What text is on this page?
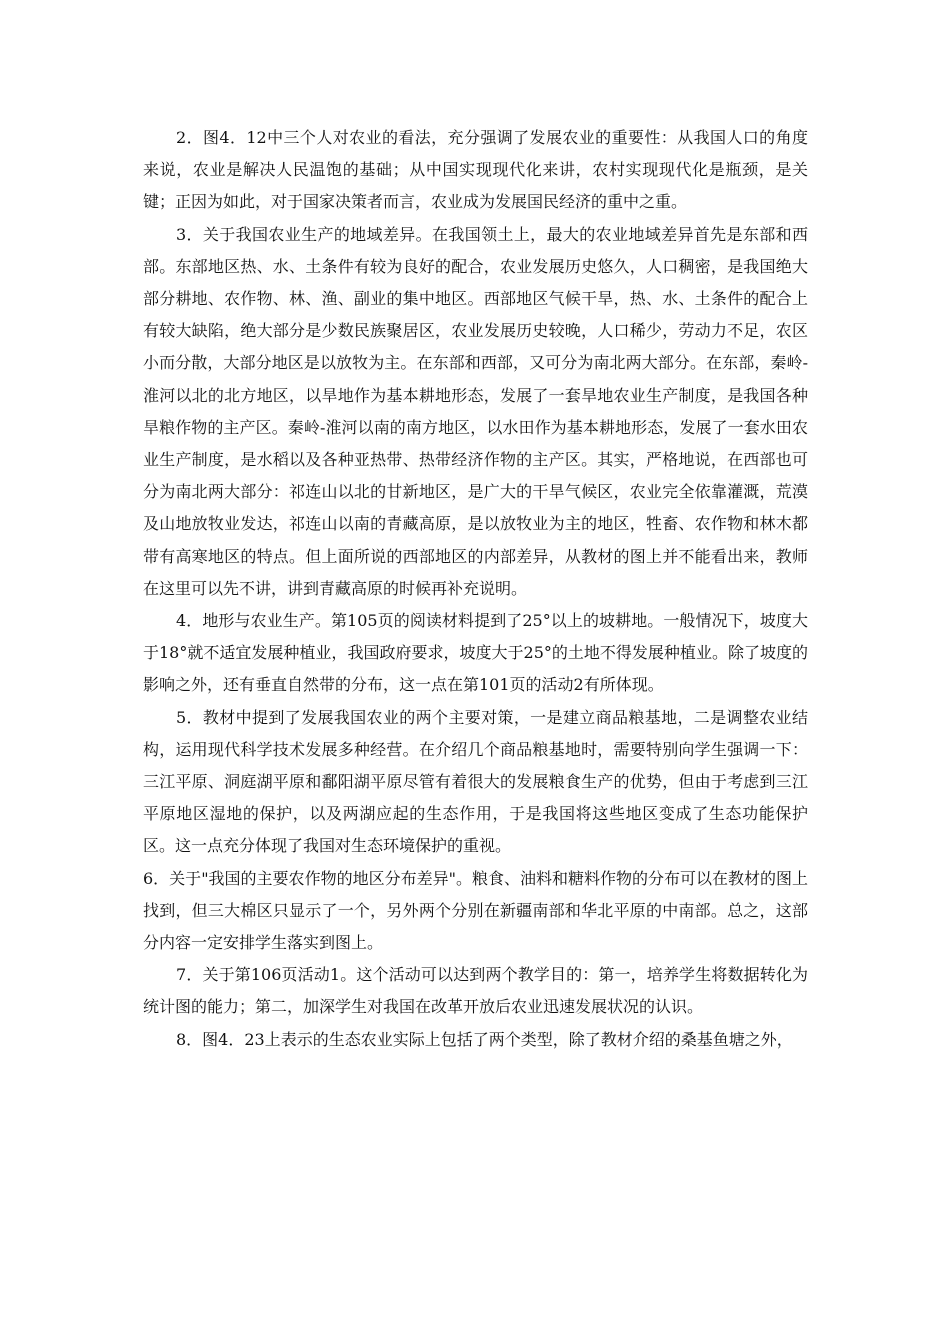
2．图4．12中三个人对农业的看法，充分强调了发展农业的重要性：从我国人口的角度来说，农业是解决人民温饱的基础；从中国实现现代化来讲，农村实现现代化是瓶颈，是关键；正因为如此，对于国家决策者而言，农业成为发展国民经济的重中之重。

3．关于我国农业生产的地域差异。在我国领土上，最大的农业地域差异首先是东部和西部。东部地区热、水、土条件有较为良好的配合，农业发展历史悠久，人口稠密，是我国绝大部分耕地、农作物、林、渔、副业的集中地区。西部地区气候干旱，热、水、土条件的配合上有较大缺陷，绝大部分是少数民族聚居区，农业发展历史较晚，人口稀少，劳动力不足，农区小而分散，大部分地区是以放牧为主。在东部和西部，又可分为南北两大部分。在东部，秦岭-淮河以北的北方地区，以旱地作为基本耕地形态，发展了一套旱地农业生产制度，是我国各种旱粮作物的主产区。秦岭-淮河以南的南方地区，以水田作为基本耕地形态，发展了一套水田农业生产制度，是水稻以及各种亚热带、热带经济作物的主产区。其实，严格地说，在西部也可分为南北两大部分：祁连山以北的甘新地区，是广大的干旱气候区，农业完全依靠灌溉，荒漠及山地放牧业发达，祁连山以南的青藏高原，是以放牧业为主的地区，牲畜、农作物和林木都带有高寒地区的特点。但上面所说的西部地区的内部差异，从教材的图上并不能看出来，教师在这里可以先不讲，讲到青藏高原的时候再补充说明。

4．地形与农业生产。第105页的阅读材料提到了25°以上的坡耕地。一般情况下，坡度大于18°就不适宜发展种植业，我国政府要求，坡度大于25°的土地不得发展种植业。除了坡度的影响之外，还有垂直自然带的分布，这一点在第101页的活动2有所体现。

5．教材中提到了发展我国农业的两个主要对策，一是建立商品粮基地，二是调整农业结构，运用现代科学技术发展多种经营。在介绍几个商品粮基地时，需要特别向学生强调一下：三江平原、洞庭湖平原和鄱阳湖平原尽管有着很大的发展粮食生产的优势，但由于考虑到三江平原地区湿地的保护，以及两湖应起的生态作用，于是我国将这些地区变成了生态功能保护区。这一点充分体现了我国对生态环境保护的重视。

6．关于"我国的主要农作物的地区分布差异"。粮食、油料和糖料作物的分布可以在教材的图上找到，但三大棉区只显示了一个，另外两个分别在新疆南部和华北平原的中南部。总之，这部分内容一定安排学生落实到图上。

7．关于第106页活动1。这个活动可以达到两个教学目的：第一，培养学生将数据转化为统计图的能力；第二，加深学生对我国在改革开放后农业迅速发展状况的认识。

8．图4．23上表示的生态农业实际上包括了两个类型，除了教材介绍的桑基鱼塘之外，
